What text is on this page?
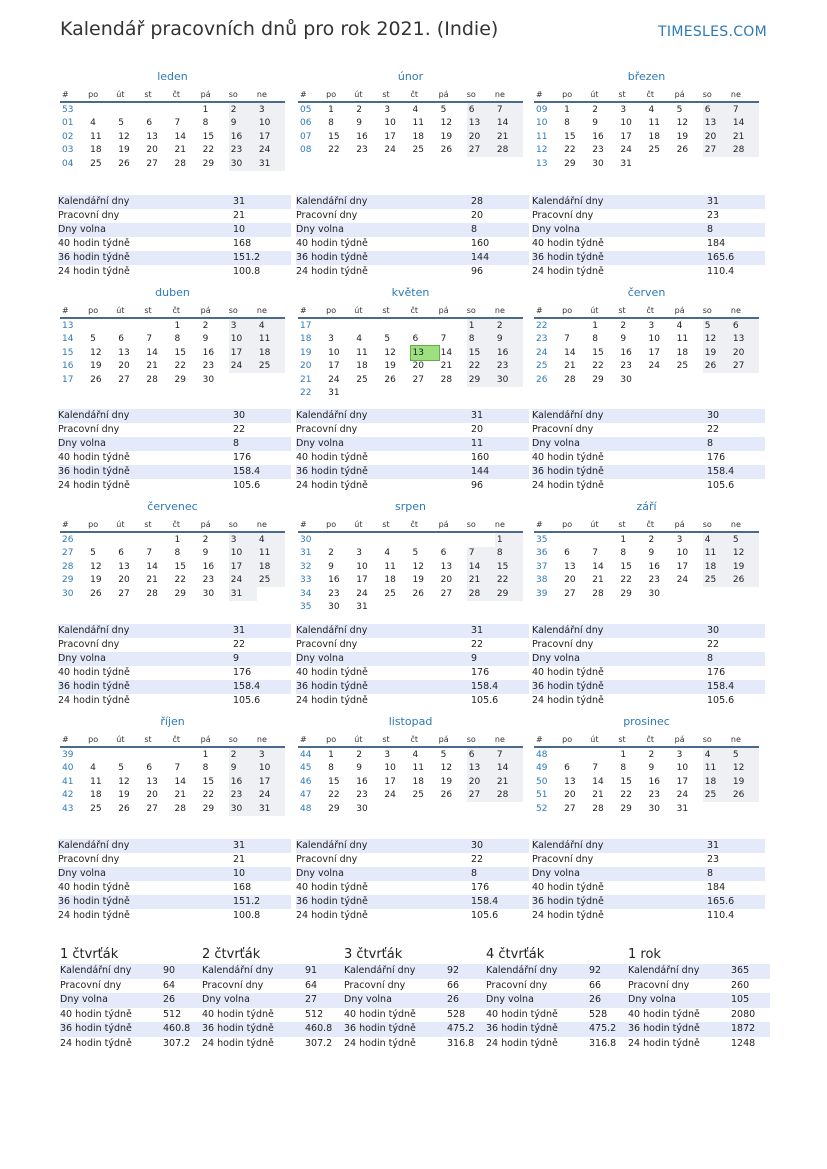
Kalendář pracovních dnů pro rok 2021. (Indie)	TIMESLES.COM
leden
#	po	út	st	čt	pá	so	ne
53					1	2	3
01	4	5	6	7	8	9	10
02	11	12	13	14	15	16	17
03	18	19	20	21	22	23	24
04	25	26	27	28	29	30	31
Kalendářní dny	31
Pracovní dny	21
Dny volna	10
40 hodin týdně	168
36 hodin týdně	151.2
24 hodin týdně	100.8
únor
#	po	út	st	čt	pá	so	ne
05	1	2	3	4	5	6	7
06	8	9	10	11	12	13	14
07	15	16	17	18	19	20	21
08	22	23	24	25	26	27	28
Kalendářní dny	28
Pracovní dny	20
Dny volna	8
40 hodin týdně	160
36 hodin týdně	144
24 hodin týdně	96
březen
#	po	út	st	čt	pá	so	ne
09	1	2	3	4	5	6	7
10	8	9	10	11	12	13	14
11	15	16	17	18	19	20	21
12	22	23	24	25	26	27	28
13	29	30	31				
Kalendářní dny	31
Pracovní dny	23
Dny volna	8
40 hodin týdně	184
36 hodin týdně	165.6
24 hodin týdně	110.4
duben
#	po	út	st	čt	pá	so	ne
13				1	2	3	4
14	5	6	7	8	9	10	11
15	12	13	14	15	16	17	18
16	19	20	21	22	23	24	25
17	26	27	28	29	30		
Kalendářní dny	30
Pracovní dny	22
Dny volna	8
40 hodin týdně	176
36 hodin týdně	158.4
24 hodin týdně	105.6
květen
#	po	út	st	čt	pá	so	ne
17						1	2
18	3	4	5	6	7	8	9
19	10	11	12	13	14	15	16
20	17	18	19	20	21	22	23
21	24	25	26	27	28	29	30
22	31						
Kalendářní dny	31
Pracovní dny	20
Dny volna	11
40 hodin týdně	160
36 hodin týdně	144
24 hodin týdně	96
červen
#	po	út	st	čt	pá	so	ne
22		1	2	3	4	5	6
23	7	8	9	10	11	12	13
24	14	15	16	17	18	19	20
25	21	22	23	24	25	26	27
26	28	29	30				
Kalendářní dny	30
Pracovní dny	22
Dny volna	8
40 hodin týdně	176
36 hodin týdně	158.4
24 hodin týdně	105.6
červenec
#	po	út	st	čt	pá	so	ne
26				1	2	3	4
27	5	6	7	8	9	10	11
28	12	13	14	15	16	17	18
29	19	20	21	22	23	24	25
30	26	27	28	29	30	31	
Kalendářní dny	31
Pracovní dny	22
Dny volna	9
40 hodin týdně	176
36 hodin týdně	158.4
24 hodin týdně	105.6
srpen
#	po	út	st	čt	pá	so	ne
30							1
31	2	3	4	5	6	7	8
32	9	10	11	12	13	14	15
33	16	17	18	19	20	21	22
34	23	24	25	26	27	28	29
35	30	31					
Kalendářní dny	31
Pracovní dny	22
Dny volna	9
40 hodin týdně	176
36 hodin týdně	158.4
24 hodin týdně	105.6
září
#	po	út	st	čt	pá	so	ne
35			1	2	3	4	5
36	6	7	8	9	10	11	12
37	13	14	15	16	17	18	19
38	20	21	22	23	24	25	26
39	27	28	29	30			
Kalendářní dny	30
Pracovní dny	22
Dny volna	8
40 hodin týdně	176
36 hodin týdně	158.4
24 hodin týdně	105.6
říjen
#	po	út	st	čt	pá	so	ne
39					1	2	3
40	4	5	6	7	8	9	10
41	11	12	13	14	15	16	17
42	18	19	20	21	22	23	24
43	25	26	27	28	29	30	31
Kalendářní dny	31
Pracovní dny	21
Dny volna	10
40 hodin týdně	168
36 hodin týdně	151.2
24 hodin týdně	100.8
listopad
#	po	út	st	čt	pá	so	ne
44	1	2	3	4	5	6	7
45	8	9	10	11	12	13	14
46	15	16	17	18	19	20	21
47	22	23	24	25	26	27	28
48	29	30					
Kalendářní dny	30
Pracovní dny	22
Dny volna	8
40 hodin týdně	176
36 hodin týdně	158.4
24 hodin týdně	105.6
prosinec
#	po	út	st	čt	pá	so	ne
48			1	2	3	4	5
49	6	7	8	9	10	11	12
50	13	14	15	16	17	18	19
51	20	21	22	23	24	25	26
52	27	28	29	30	31		
Kalendářní dny	31
Pracovní dny	23
Dny volna	8
40 hodin týdně	184
36 hodin týdně	165.6
24 hodin týdně	110.4
1 čtvrťák
Kalendářní dny	90
Pracovní dny	64
Dny volna	26
40 hodin týdně	512
36 hodin týdně	460.8
24 hodin týdně	307.2
2 čtvrťák
Kalendářní dny	91
Pracovní dny	64
Dny volna	27
40 hodin týdně	512
36 hodin týdně	460.8
24 hodin týdně	307.2
3 čtvrťák
Kalendářní dny	92
Pracovní dny	66
Dny volna	26
40 hodin týdně	528
36 hodin týdně	475.2
24 hodin týdně	316.8
4 čtvrťák
Kalendářní dny	92
Pracovní dny	66
Dny volna	26
40 hodin týdně	528
36 hodin týdně	475.2
24 hodin týdně	316.8
1 rok
Kalendářní dny	365
Pracovní dny	260
Dny volna	105
40 hodin týdně	2080
36 hodin týdně	1872
24 hodin týdně	1248
